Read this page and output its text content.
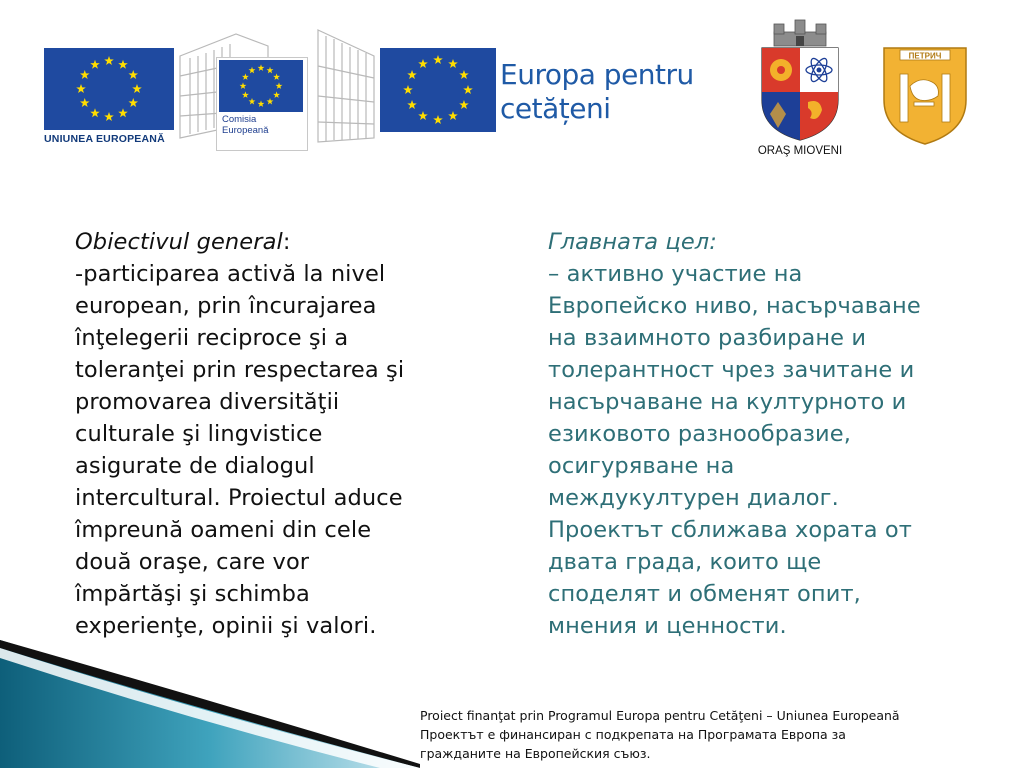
UNIUNEA EUROPEANĂ
Comisia
Europeană
Europa pentru
cetățeni
ORAŞ MIOVENI
ПЕТРИЧ
Obiectivul general:
-participarea activă la nivel
european, prin încurajarea
înţelegerii reciproce şi a
toleranţei prin respectarea şi
promovarea diversităţii
culturale şi lingvistice
asigurate de dialogul
intercultural. Proiectul aduce
împreună oameni din cele
două oraşe, care vor
împărtăşi şi schimba
experienţe, opinii şi valori.
Главната цел:
– активно участие на
Европейско ниво, насърчаване
на взаимното разбиране и
толерантност чрез зачитане и
насърчаване на културното и
езиковото разнообразие,
осигуряване на
междукултурен диалог.
Проектът сближава хората от
двата града, които ще
споделят и обменят опит,
мнения и ценности.
Proiect finanţat prin Programul Europa pentru Cetăţeni – Uniunea Europeană
Проектът е финансиран с подкрепата на Програмата Европа за
гражданите на Европейския съюз.
